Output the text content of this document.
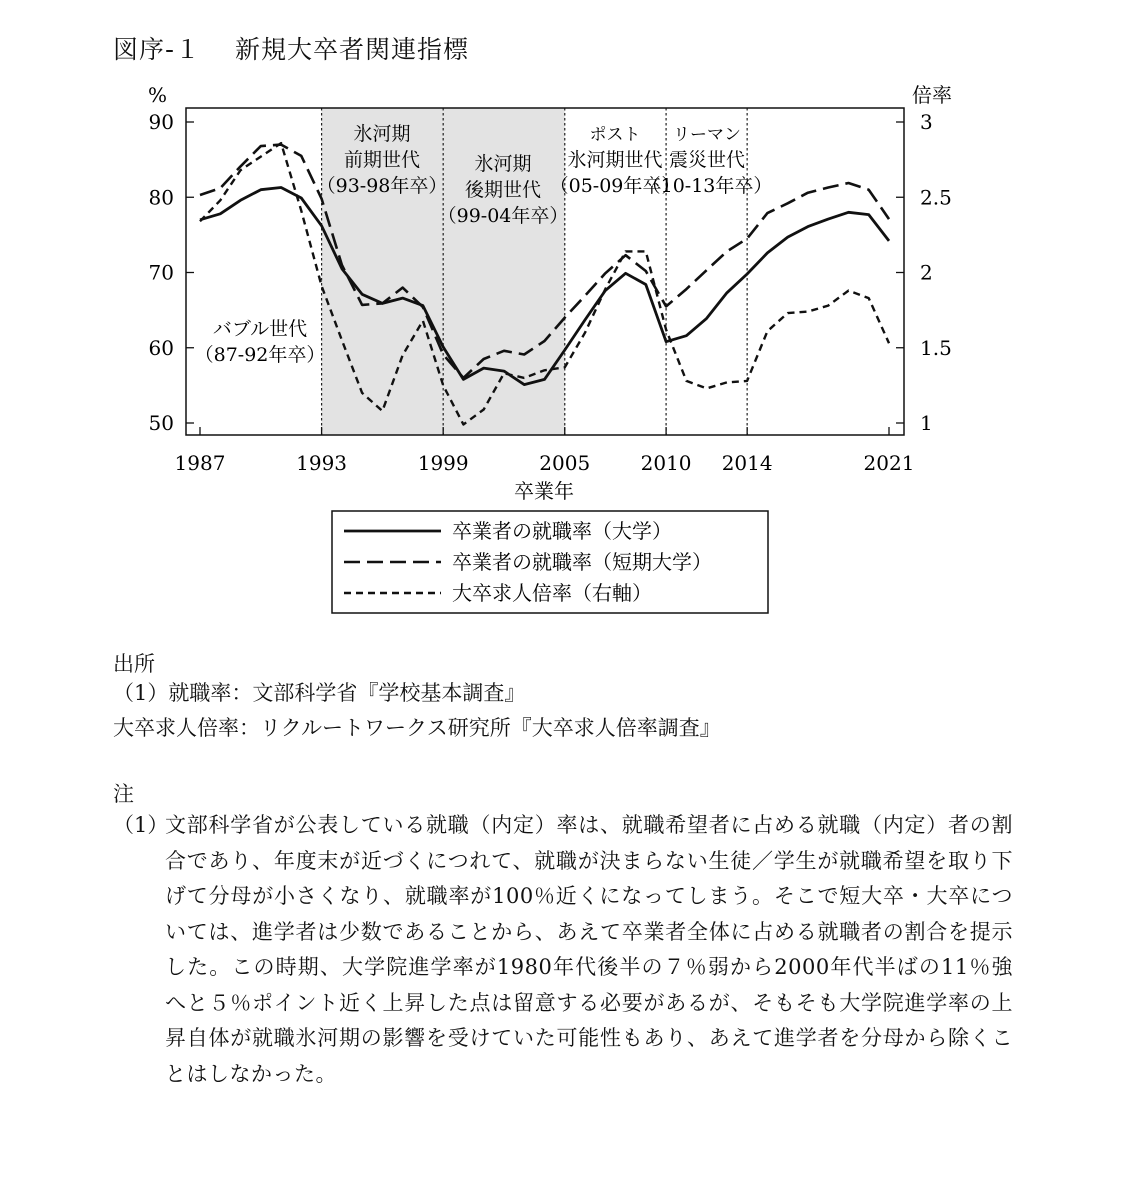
図序-１ 新規大卒者関連指標
50
60
70
80
90
%
1
1.5
2
2.5
3
倍率
1987	1993	1999	2005	2010 2014	2021
卒業年
バブル世代（87-92年卒）
氷河期前期世代（93-98年卒）
氷河期後期世代（99-04年卒）
ポスト氷河期世代（05-09年卒）
リーマン震災世代（10-13年卒）
卒業者の就職率（大学）
卒業者の就職率（短期大学）
大卒求人倍率（右軸）
出所
（1）就職率：文部科学省『学校基本調査』
大卒求人倍率：リクルートワークス研究所『大卒求人倍率調査』
注
（1）
文部科学省が公表している就職（内定）率は、就職希望者に占める就職（内定）者の割合であり、年度末が近づくにつれて、就職が決まらない生徒／学生が就職希望を取り下げて分母が小さくなり、就職率が100％近くになってしまう。そこで短大卒・大卒については、進学者は少数であることから、あえて卒業者全体に占める就職者の割合を提示した。この時期、大学院進学率が1980年代後半の７％弱から2000年代半ばの11％強へと５％ポイント近く上昇した点は留意する必要があるが、そもそも大学院進学率の上昇自体が就職氷河期の影響を受けていた可能性もあり、あえて進学者を分母から除くことはしなかった。
